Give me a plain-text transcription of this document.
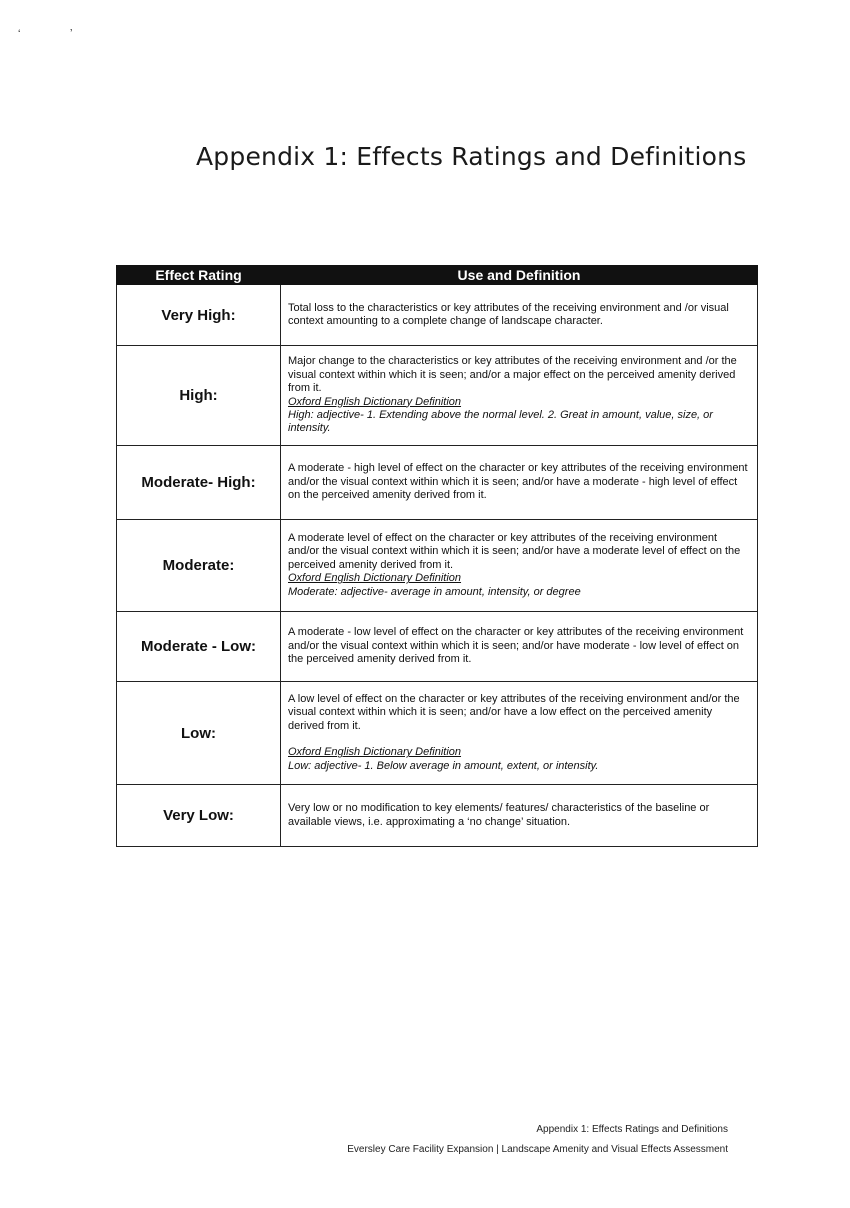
‘	ʼ
Appendix 1: Effects Ratings and Definitions
Effect Rating	Use and Definition
Very High:	Total loss to the characteristics or key attributes of the receiving environment and /or visual context amounting to a complete change of landscape character.
High:	Major change to the characteristics or key attributes of the receiving environment and /or the visual context within which it is seen; and/or a major effect on the perceived amenity derived from it.
Oxford English Dictionary Definition
High: adjective- 1. Extending above the normal level. 2. Great in amount, value, size, or intensity.

Moderate- High:	A moderate - high level of effect on the character or key attributes of the receiving environment and/or the visual context within which it is seen; and/or have a moderate - high level of effect on the perceived amenity derived from it.
Moderate:	A moderate level of effect on the character or key attributes of the receiving environment and/or the visual context within which it is seen; and/or have a moderate level of effect on the perceived amenity derived from it.
Oxford English Dictionary Definition
Moderate: adjective- average in amount, intensity, or degree

Moderate - Low:	A moderate - low level of effect on the character or key attributes of the receiving environment and/or the visual context within which it is seen; and/or have moderate - low level of effect on the perceived amenity derived from it.
Low:	A low level of effect on the character or key attributes of the receiving environment and/or the visual context within which it is seen; and/or have a low effect on the perceived amenity derived from it.
Oxford English Dictionary Definition
Low: adjective- 1. Below average in amount, extent, or intensity.

Very Low:	Very low or no modification to key elements/ features/ characteristics of the baseline or available views, i.e. approximating a ‘no change’ situation.
Appendix 1: Effects Ratings and Definitions
Eversley Care Facility Expansion | Landscape Amenity and Visual Effects Assessment
